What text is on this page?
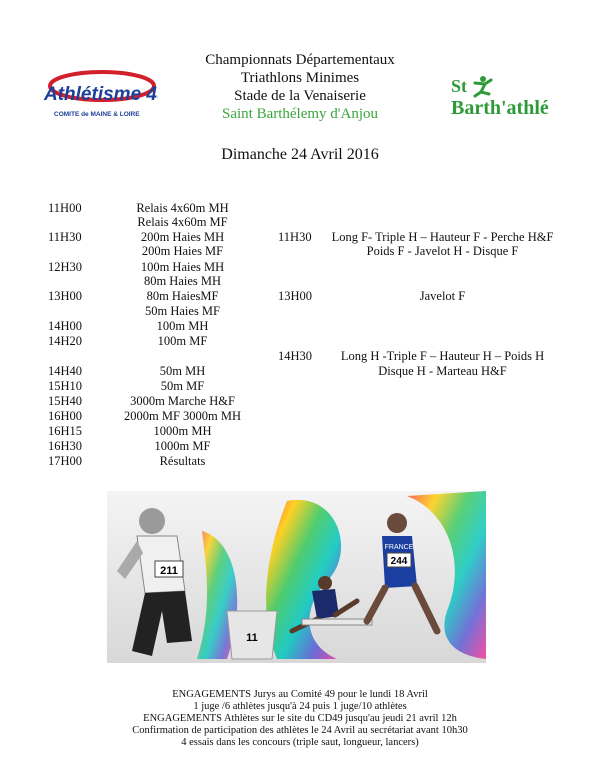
Athlétisme 49
COMITE de MAINE & LOIRE
St
Barth'athlé
Championnats Départementaux
Triathlons Minimes
Stade de la Venaiserie
Saint Barthélemy d'Anjou
Dimanche 24 Avril 2016
11H00	Relais 4x60m MH
Relais 4x60m MF
11H30	200m Haies MH
200m Haies MF
12H30	100m Haies MH
80m Haies MH
13H00	80m HaiesMF
50m Haies MF
14H00	100m MH
14H20	100m MF
14H40	50m MH
15H10	50m MF
15H40	3000m Marche H&F
16H00	2000m MF 3000m MH
16H15	1000m MH
16H30	1000m MF
17H00	Résultats
11H30	Long F- Triple H – Hauteur F - Perche H&F
Poids F - Javelot H - Disque F
13H00	Javelot F
14H30	Long H -Triple F – Hauteur H – Poids H
Disque H - Marteau H&F
211
FRANCE
244
11
ENGAGEMENTS Jurys au Comité 49 pour le lundi 18 Avril
1 juge /6 athlètes jusqu'à 24 puis 1 juge/10 athlètes
ENGAGEMENTS Athlètes sur le site du CD49 jusqu'au jeudi 21 avril 12h
Confirmation de participation des athlètes le 24 Avril au secrétariat avant 10h30
4 essais dans les concours (triple saut, longueur, lancers)
